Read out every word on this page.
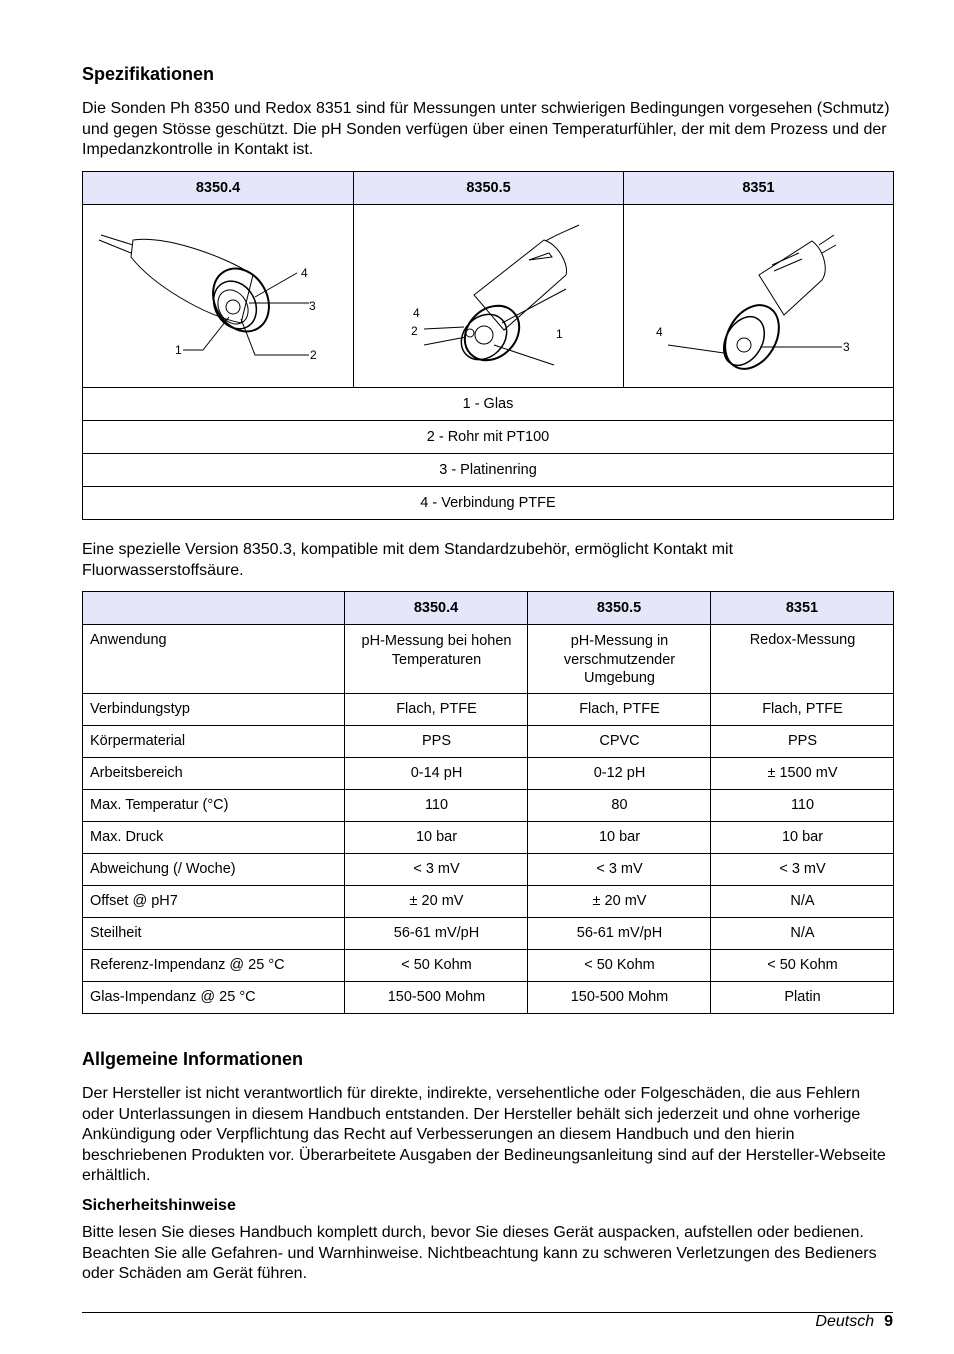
Spezifikationen

Die Sonden Ph 8350 und Redox 8351 sind für Messungen unter schwierigen Bedingungen vorgesehen (Schmutz) und gegen Stösse geschützt. Die pH Sonden verfügen über einen Temperaturfühler, der mit dem Prozess und der Impedanzkontrolle in Kontakt ist.

8350.4	8350.5	8351

4
3
1 2	4
2 1	4
3

1 - Glas		
2 - Rohr mit PT100		
3 - Platinenring		
4 - Verbindung PTFE		

Eine spezielle Version 8350.3, kompatible mit dem Standardzubehör, ermöglicht Kontakt mit Fluorwasserstoffsäure.

	8350.4	8350.5	8351
Anwendung	pH-Messung bei hohen Temperaturen	pH-Messung in verschmutzender Umgebung	Redox-Messung
Verbindungstyp	Flach, PTFE	Flach, PTFE	Flach, PTFE
Körpermaterial	PPS	CPVC	PPS
Arbeitsbereich	0-14 pH	0-12 pH	± 1500 mV
Max. Temperatur (°C)	110	80	110
Max. Druck	10 bar	10 bar	10 bar
Abweichung (/ Woche)	< 3 mV	< 3 mV	< 3 mV
Offset @ pH7	± 20 mV	± 20 mV	N/A
Steilheit	56-61 mV/pH	56-61 mV/pH	N/A
Referenz-Impendanz @ 25 °C	< 50 Kohm	< 50 Kohm	< 50 Kohm
Glas-Impendanz @ 25 °C	150-500 Mohm	150-500 Mohm	Platin
Allgemeine Informationen

Der Hersteller ist nicht verantwortlich für direkte, indirekte, versehentliche oder Folgeschäden, die aus Fehlern oder Unterlassungen in diesem Handbuch entstanden. Der Hersteller behält sich jederzeit und ohne vorherige Ankündigung oder Verpflichtung das Recht auf Verbesserungen an diesem Handbuch und den hierin beschriebenen Produkten vor. Überarbeitete Ausgaben der Bedineungsanleitung sind auf der Hersteller-Webseite erhältlich.

Sicherheitshinweise

Bitte lesen Sie dieses Handbuch komplett durch, bevor Sie dieses Gerät auspacken, aufstellen oder bedienen. Beachten Sie alle Gefahren- und Warnhinweise. Nichtbeachtung kann zu schweren Verletzungen des Bedieners oder Schäden am Gerät führen.

Deutsch 9
